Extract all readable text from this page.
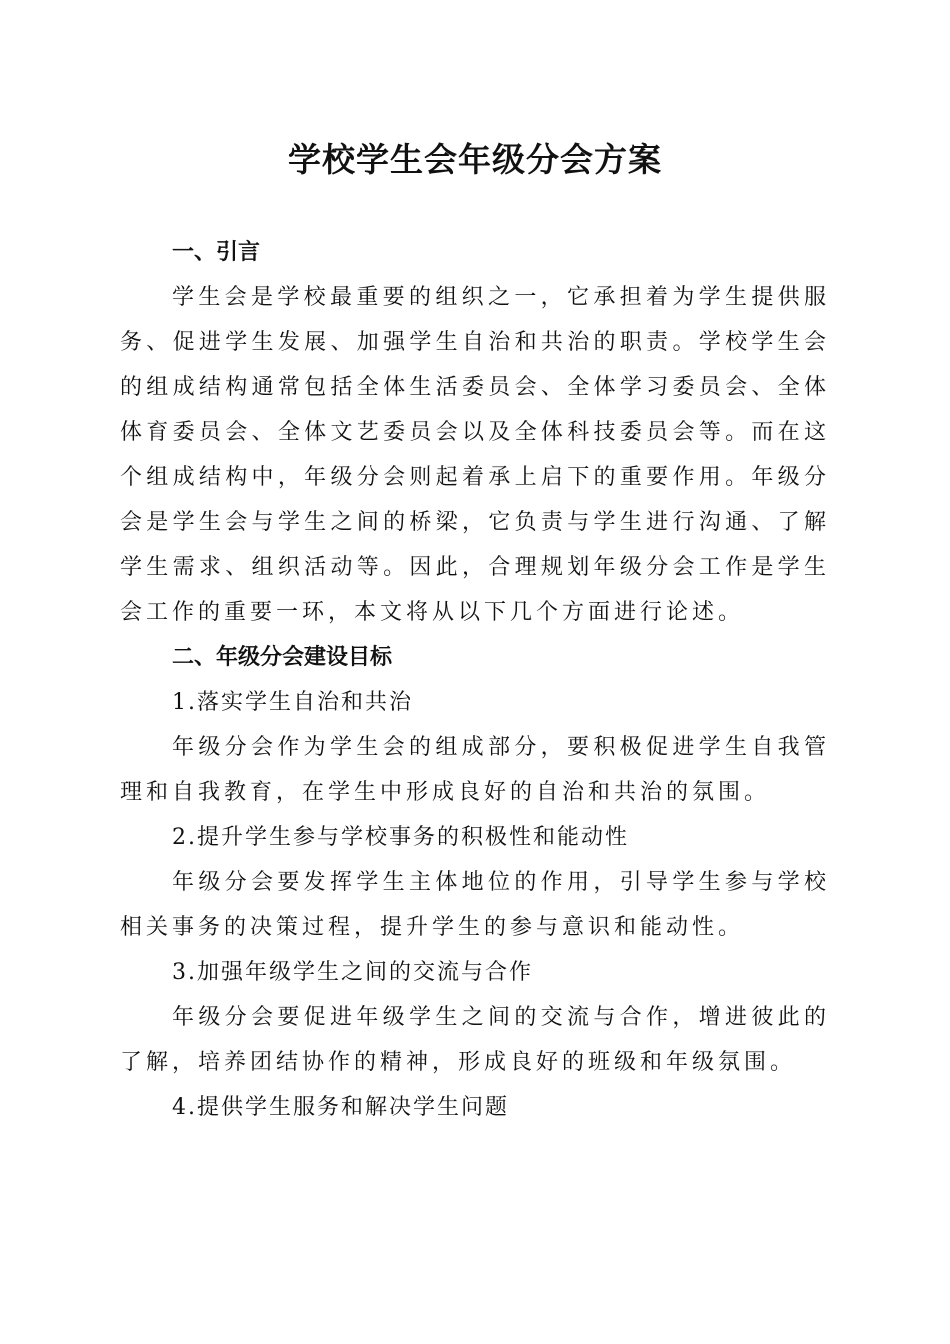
学校学生会年级分会方案

一、引言

学生会是学校最重要的组织之一，它承担着为学生提供服务、促进学生发展、加强学生自治和共治的职责。学校学生会的组成结构通常包括全体生活委员会、全体学习委员会、全体体育委员会、全体文艺委员会以及全体科技委员会等。而在这个组成结构中，年级分会则起着承上启下的重要作用。年级分会是学生会与学生之间的桥梁，它负责与学生进行沟通、了解学生需求、组织活动等。因此，合理规划年级分会工作是学生会工作的重要一环，本文将从以下几个方面进行论述。

二、年级分会建设目标

1.落实学生自治和共治

年级分会作为学生会的组成部分，要积极促进学生自我管理和自我教育，在学生中形成良好的自治和共治的氛围。

2.提升学生参与学校事务的积极性和能动性

年级分会要发挥学生主体地位的作用，引导学生参与学校相关事务的决策过程，提升学生的参与意识和能动性。

3.加强年级学生之间的交流与合作

年级分会要促进年级学生之间的交流与合作，增进彼此的了解，培养团结协作的精神，形成良好的班级和年级氛围。

4.提供学生服务和解决学生问题
